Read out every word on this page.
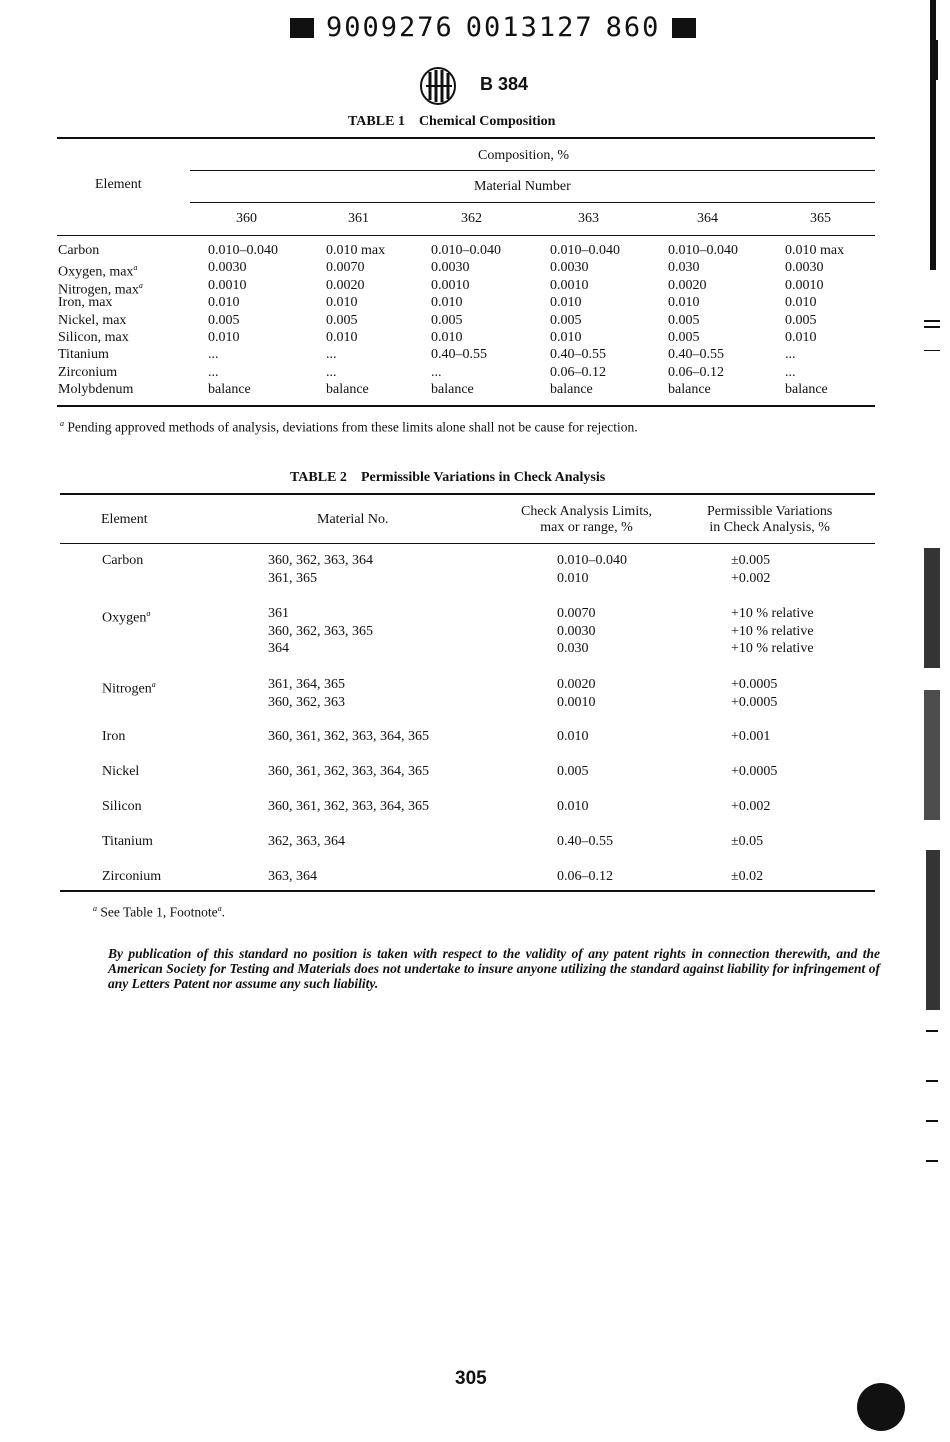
9009276 0013127 860
B 384
TABLE 1 Chemical Composition
Composition, %
Element	Material Number
360	361	362	363	364	365
Carbon	0.010–0.040	0.010 max	0.010–0.040	0.010–0.040	0.010–0.040	0.010 max
Oxygen, $\max^a$	0.0030	0.0070	0.0030	0.0030	0.030	0.0030
Nitrogen, $\max^a$	0.0010	0.0020	0.0010	0.0010	0.0020	0.0010
Iron, max	0.010	0.010	0.010	0.010	0.010	0.010
Nickel, max	0.005	0.005	0.005	0.005	0.005	0.005
Silicon, max	0.010	0.010	0.010	0.010	0.005	0.010
Titanium	...	...	0.40–0.55	0.40–0.55	0.40–0.55	...
Zirconium	...	...	...	0.06–0.12	0.06–0.12	...
Molybdenum	balance	balance	balance	balance	balance	balance
$^a$ Pending approved methods of analysis, deviations from these limits alone shall not be cause for rejection.
TABLE 2 Permissible Variations in Check Analysis
Element	Material No.
Check Analysis Limits,
max or range, %
Permissible Variations
in Check Analysis, %
Carbon	360, 362, 363, 364	0.010–0.040	±0.005
361, 365	0.010	+0.002
Oxygen$^a$	361	0.0070	+10 % relative
360, 362, 363, 365	0.0030	+10 % relative
364	0.030	+10 % relative
Nitrogen$^a$	361, 364, 365	0.0020	+0.0005
360, 362, 363	0.0010	+0.0005
Iron	360, 361, 362, 363, 364, 365	0.010	+0.001
Nickel	360, 361, 362, 363, 364, 365	0.005	+0.0005
Silicon	360, 361, 362, 363, 364, 365	0.010	+0.002
Titanium	362, 363, 364	0.40–0.55	±0.05
Zirconium	363, 364	0.06–0.12	±0.02
$^a$ See Table 1, Footnote$^a$.
By publication of this standard no position is taken with respect to the validity of any patent rights in connection therewith, and the American Society for Testing and Materials does not undertake to insure anyone utilizing the standard against liability for infringement of any Letters Patent nor assume any such liability.
305
